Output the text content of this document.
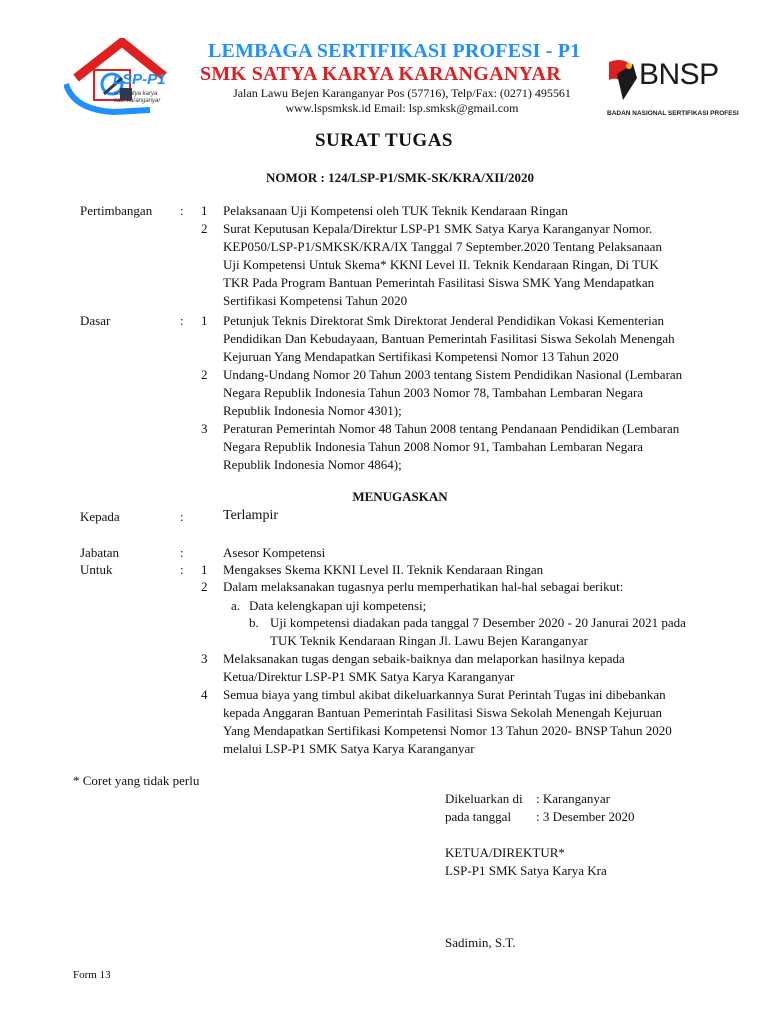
LSP-P1
smk satya karya
kab. karanganyar
LEMBAGA SERTIFIKASI PROFESI - P1
SMK SATYA KARYA KARANGANYAR
Jalan Lawu Bejen Karanganyar Pos (57716), Telp/Fax: (0271) 495561
www.lspsmksk.id Email: lsp.smksk@gmail.com
BNSP
BADAN NASIONAL SERTIFIKASI PROFESI
SURAT TUGAS
NOMOR : 124/LSP-P1/SMK-SK/KRA/XII/2020
Pertimbangan : 1 Pelaksanaan Uji Kompetensi oleh TUK Teknik Kendaraan Ringan
2 Surat Keputusan Kepala/Direktur LSP-P1 SMK Satya Karya Karanganyar Nomor.
KEP050/LSP-P1/SMKSK/KRA/IX Tanggal 7 September.2020 Tentang Pelaksanaan
Uji Kompetensi Untuk Skema* KKNI Level II. Teknik Kendaraan Ringan, Di TUK
TKR Pada Program Bantuan Pemerintah Fasilitasi Siswa SMK Yang Mendapatkan
Sertifikasi Kompetensi Tahun 2020
Dasar	: 1 Petunjuk Teknis Direktorat Smk Direktorat Jenderal Pendidikan Vokasi Kementerian
Pendidikan Dan Kebudayaan, Bantuan Pemerintah Fasilitasi Siswa Sekolah Menengah
Kejuruan Yang Mendapatkan Sertifikasi Kompetensi Nomor 13 Tahun 2020
2 Undang-Undang Nomor 20 Tahun 2003 tentang Sistem Pendidikan Nasional (Lembaran
Negara Republik Indonesia Tahun 2003 Nomor 78, Tambahan Lembaran Negara
Republik Indonesia Nomor 4301);
3 Peraturan Pemerintah Nomor 48 Tahun 2008 tentang Pendanaan Pendidikan (Lembaran
Negara Republik Indonesia Tahun 2008 Nomor 91, Tambahan Lembaran Negara
Republik Indonesia Nomor 4864);
MENUGASKAN
Kepada	:	Terlampir
Jabatan	:	Asesor Kompetensi
Untuk	: 1 Mengakses Skema KKNI Level II. Teknik Kendaraan Ringan
2 Dalam melaksanakan tugasnya perlu memperhatikan hal-hal sebagai berikut:
a. Data kelengkapan uji kompetensi;
b. Uji kompetensi diadakan pada tanggal 7 Desember 2020 - 20 Janurai 2021 pada
TUK Teknik Kendaraan Ringan Jl. Lawu Bejen Karanganyar
3 Melaksanakan tugas dengan sebaik-baiknya dan melaporkan hasilnya kepada
Ketua/Direktur LSP-P1 SMK Satya Karya Karanganyar
4 Semua biaya yang timbul akibat dikeluarkannya Surat Perintah Tugas ini dibebankan
kepada Anggaran Bantuan Pemerintah Fasilitasi Siswa Sekolah Menengah Kejuruan
Yang Mendapatkan Sertifikasi Kompetensi Nomor 13 Tahun 2020- BNSP Tahun 2020
melalui LSP-P1 SMK Satya Karya Karanganyar
* Coret yang tidak perlu
Dikeluarkan di : Karanganyar
pada tanggal : 3 Desember 2020
KETUA/DIREKTUR*
LSP-P1 SMK Satya Karya Kra
Sadimin, S.T.
Form 13
